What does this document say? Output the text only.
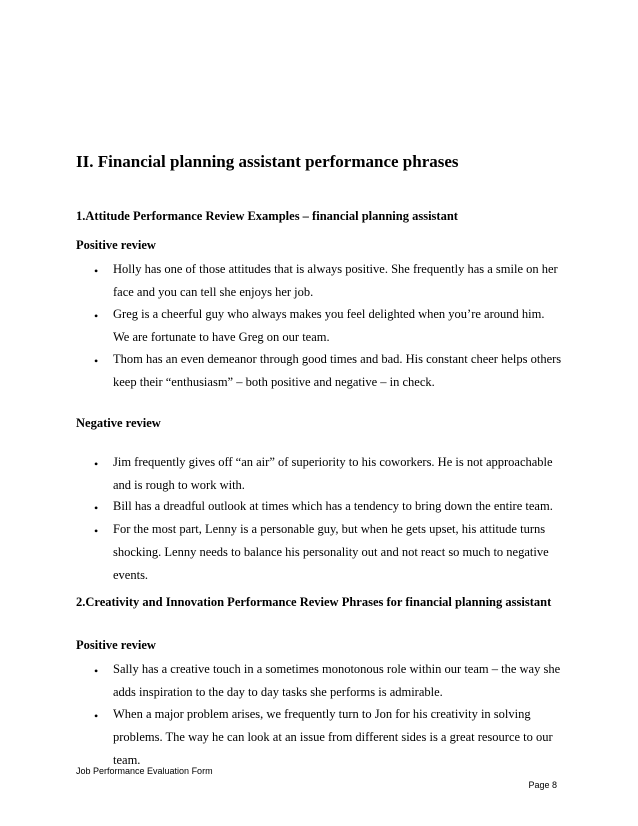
II. Financial planning assistant performance phrases
1.Attitude Performance Review Examples – financial planning assistant
Positive review
• Holly has one of those attitudes that is always positive. She frequently has a smile on her
face and you can tell she enjoys her job.
• Greg is a cheerful guy who always makes you feel delighted when you’re around him.
We are fortunate to have Greg on our team.
• Thom has an even demeanor through good times and bad. His constant cheer helps others
keep their “enthusiasm” – both positive and negative – in check.
Negative review
• Jim frequently gives off “an air” of superiority to his coworkers. He is not approachable
and is rough to work with.
• Bill has a dreadful outlook at times which has a tendency to bring down the entire team.
• For the most part, Lenny is a personable guy, but when he gets upset, his attitude turns
shocking. Lenny needs to balance his personality out and not react so much to negative
events.
2.Creativity and Innovation Performance Review Phrases for financial planning assistant
Positive review
• Sally has a creative touch in a sometimes monotonous role within our team – the way she
adds inspiration to the day to day tasks she performs is admirable.
• When a major problem arises, we frequently turn to Jon for his creativity in solving
problems. The way he can look at an issue from different sides is a great resource to our
team.
Job Performance Evaluation Form
Page 8
